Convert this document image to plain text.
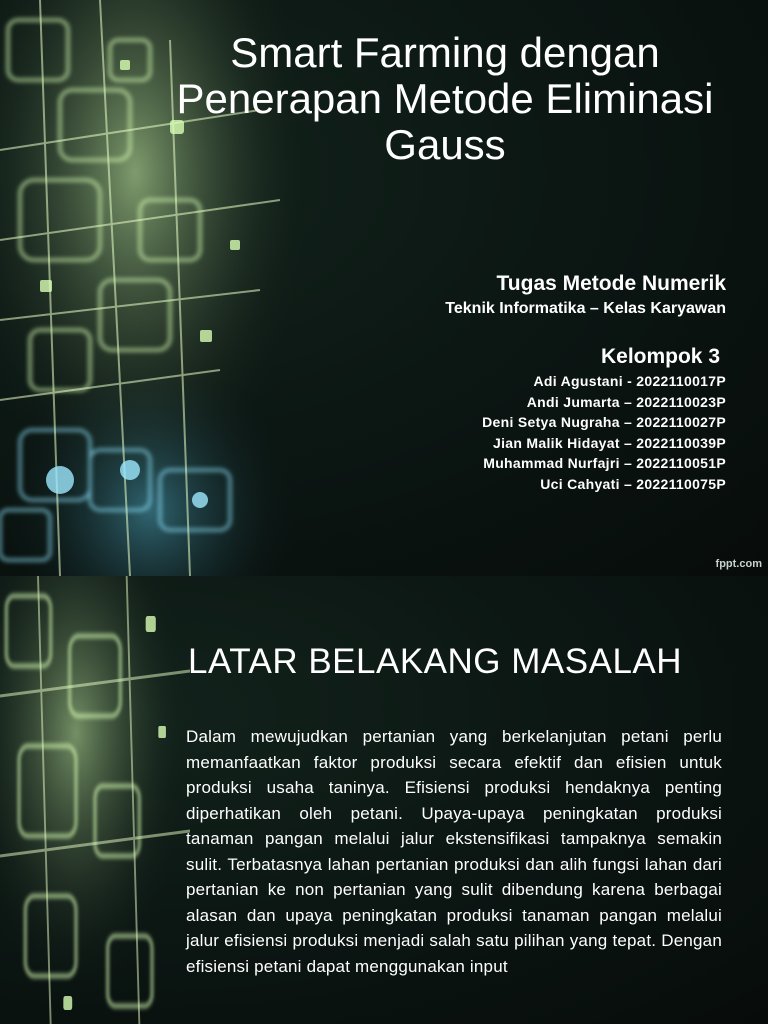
Smart Farming dengan Penerapan Metode Eliminasi Gauss
Tugas Metode Numerik
Teknik Informatika – Kelas Karyawan
Kelompok 3
Adi Agustani - 2022110017P
Andi Jumarta – 2022110023P
Deni Setya Nugraha – 2022110027P
Jian Malik Hidayat – 2022110039P
Muhammad Nurfajri – 2022110051P
Uci Cahyati – 2022110075P
fppt.com
LATAR BELAKANG MASALAH
Dalam mewujudkan pertanian yang berkelanjutan petani perlu memanfaatkan faktor produksi secara efektif dan efisien untuk produksi usaha taninya. Efisiensi produksi hendaknya penting diperhatikan oleh petani. Upaya-upaya peningkatan produksi tanaman pangan melalui jalur ekstensifikasi tampaknya semakin sulit. Terbatasnya lahan pertanian produksi dan alih fungsi lahan dari pertanian ke non pertanian yang sulit dibendung karena berbagai alasan dan upaya peningkatan produksi tanaman pangan melalui jalur efisiensi produksi menjadi salah satu pilihan yang tepat. Dengan efisiensi petani dapat menggunakan input
